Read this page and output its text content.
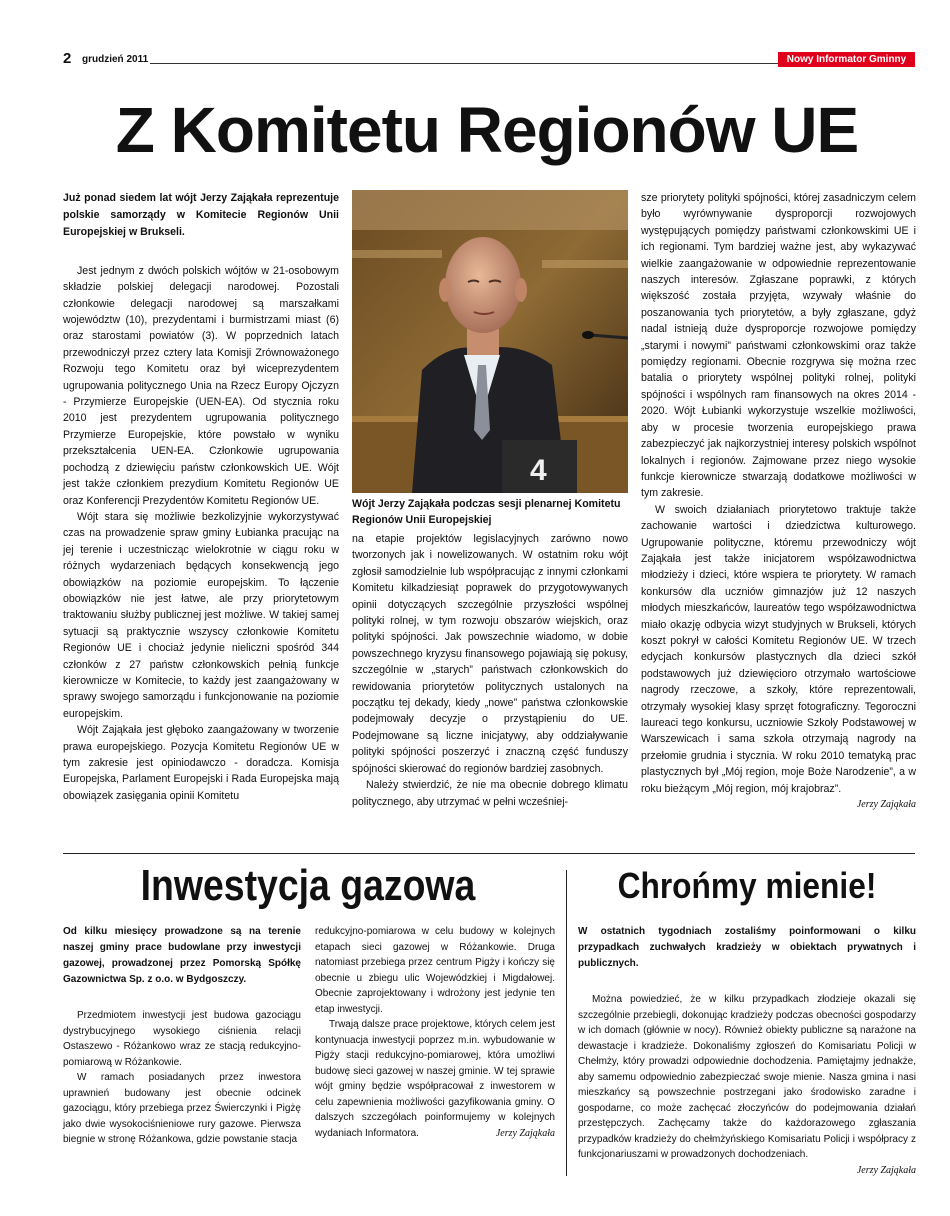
2 grudzień 2011	Nowy Informator Gminny
Z Komitetu Regionów UE

Już ponad siedem lat wójt Jerzy Zająkała reprezentuje polskie samorządy w Komitecie Regionów Unii Europejskiej w Brukseli.

Jest jednym z dwóch polskich wójtów w 21-osobowym składzie polskiej delegacji narodowej. Pozostali członkowie delegacji narodowej są marszałkami województw (10), prezydentami i burmistrzami miast (6) oraz starostami powiatów (3). W poprzednich latach przewodniczył przez cztery lata Komisji Zrównoważonego Rozwoju tego Komitetu oraz był wiceprezydentem ugrupowania politycznego Unia na Rzecz Europy Ojczyzn - Przymierze Europejskie (UEN-EA). Od stycznia roku 2010 jest prezydentem ugrupowania politycznego Przymierze Europejskie, które powstało w wyniku przekształcenia UEN-EA. Członkowie ugrupowania pochodzą z dziewięciu państw członkowskich UE. Wójt jest także członkiem prezydium Komitetu Regionów UE oraz Konferencji Prezydentów Komitetu Regionów UE.

Wójt stara się możliwie bezkolizyjnie wykorzystywać czas na prowadzenie spraw gminy Łubianka pracując na jej terenie i uczestnicząc wielokrotnie w ciągu roku w różnych wydarzeniach będących konsekwencją jego obowiązków na poziomie europejskim. To łączenie obowiązków nie jest łatwe, ale przy priorytetowym traktowaniu służby publicznej jest możliwe. W takiej samej sytuacji są praktycznie wszyscy członkowie Komitetu Regionów UE i chociaż jedynie nieliczni spośród 344 członków z 27 państw członkowskich pełnią funkcje kierownicze w Komitecie, to każdy jest zaangażowany w sprawy swojego samorządu i funkcjonowanie na poziomie europejskim.

Wójt Zająkała jest głęboko zaangażowany w tworzenie prawa europejskiego. Pozycja Komitetu Regionów UE w tym zakresie jest opiniodawczo - doradcza. Komisja Europejska, Parlament Europejski i Rada Europejska mają obowiązek zasięgania opinii Komitetu

4
Wójt Jerzy Zająkała podczas sesji plenarnej Komitetu Regionów Unii Europejskiej

na etapie projektów legislacyjnych zarówno nowo tworzonych jak i nowelizowanych. W ostatnim roku wójt zgłosił samodzielnie lub współpracując z innymi członkami Komitetu kilkadziesiąt poprawek do przygotowywanych opinii dotyczących szczególnie przyszłości wspólnej polityki rolnej, w tym rozwoju obszarów wiejskich, oraz polityki spójności. Jak powszechnie wiadomo, w dobie powszechnego kryzysu finansowego pojawiają się pokusy, szczególnie w „starych” państwach członkowskich do rewidowania priorytetów politycznych ustalonych na początku tej dekady, kiedy „nowe” państwa członkowskie podejmowały decyzje o przystąpieniu do UE. Podejmowane są liczne inicjatywy, aby oddziaływanie polityki spójności poszerzyć i znaczną część funduszy spójności skierować do regionów bardziej zasobnych.

Należy stwierdzić, że nie ma obecnie dobrego klimatu politycznego, aby utrzymać w pełni wcześniej-

sze priorytety polityki spójności, której zasadniczym celem było wyrównywanie dysproporcji rozwojowych występujących pomiędzy państwami członkowskimi UE i ich regionami. Tym bardziej ważne jest, aby wykazywać wielkie zaangażowanie w odpowiednie reprezentowanie naszych interesów. Zgłaszane poprawki, z których większość została przyjęta, wzywały właśnie do poszanowania tych priorytetów, a były zgłaszane, gdyż nadal istnieją duże dysproporcje rozwojowe pomiędzy „starymi i nowymi” państwami członkowskimi oraz także pomiędzy regionami. Obecnie rozgrywa się można rzec batalia o priorytety wspólnej polityki rolnej, polityki spójności i wspólnych ram finansowych na okres 2014 - 2020. Wójt Łubianki wykorzystuje wszelkie możliwości, aby w procesie tworzenia europejskiego prawa zabezpieczyć jak najkorzystniej interesy polskich wspólnot lokalnych i regionów. Zajmowane przez niego wysokie funkcje kierownicze stwarzają dodatkowe możliwości w tym zakresie.

W swoich działaniach priorytetowo traktuje także zachowanie wartości i dziedzictwa kulturowego. Ugrupowanie polityczne, któremu przewodniczy wójt Zająkała jest także inicjatorem współzawodnictwa młodzieży i dzieci, które wspiera te priorytety. W ramach konkursów dla uczniów gimnazjów już 12 naszych młodych mieszkańców, laureatów tego współzawodnictwa miało okazję odbycia wizyt studyjnych w Brukseli, których koszt pokrył w całości Komitetu Regionów UE. W trzech edycjach konkursów plastycznych dla dzieci szkół podstawowych już dziewięcioro otrzymało wartościowe nagrody rzeczowe, a szkoły, które reprezentowali, otrzymały wysokiej klasy sprzęt fotograficzny. Tegoroczni laureaci tego konkursu, uczniowie Szkoły Podstawowej w Warszewicach i sama szkoła otrzymają nagrody na przełomie grudnia i stycznia. W roku 2010 tematyką prac plastycznych był „Mój region, moje Boże Narodzenie”, a w roku bieżącym „Mój region, mój krajobraz”.

Jerzy Zająkała
Inwestycja gazowa

Od kilku miesięcy prowadzone są na terenie naszej gminy prace budowlane przy inwestycji gazowej, prowadzonej przez Pomorską Spółkę Gazownictwa Sp. z o.o. w Bydgoszczy.

Przedmiotem inwestycji jest budowa gazociągu dystrybucyjnego wysokiego ciśnienia relacji Ostaszewo - Różankowo wraz ze stacją redukcyjno-pomiarową w Różankowie.

W ramach posiadanych przez inwestora uprawnień budowany jest obecnie odcinek gazociągu, który przebiega przez Świerczynki i Pigżę jako dwie wysokociśnieniowe rury gazowe. Pierwsza biegnie w stronę Różankowa, gdzie powstanie stacja

redukcyjno-pomiarowa w celu budowy w kolejnych etapach sieci gazowej w Różankowie. Druga natomiast przebiega przez centrum Pigży i kończy się obecnie u zbiegu ulic Wojewódzkiej i Migdałowej. Obecnie zaprojektowany i wdrożony jest jedynie ten etap inwestycji.

Trwają dalsze prace projektowe, których celem jest kontynuacja inwestycji poprzez m.in. wybudowanie w Pigży stacji redukcyjno-pomiarowej, która umożliwi budowę sieci gazowej w naszej gminie. W tej sprawie wójt gminy będzie współpracował z inwestorem w celu zapewnienia możliwości gazyfikowania gminy. O dalszych szczegółach poinformujemy w kolejnych wydaniach Informatora.	Jerzy Zająkała

Chrońmy mienie!

W ostatnich tygodniach zostaliśmy poinformowani o kilku przypadkach zuchwałych kradzieży w obiektach prywatnych i publicznych.

Można powiedzieć, że w kilku przypadkach złodzieje okazali się szczególnie przebiegli, dokonując kradzieży podczas obecności gospodarzy w ich domach (głównie w nocy). Również obiekty publiczne są narażone na dewastacje i kradzieże. Dokonaliśmy zgłoszeń do Komisariatu Policji w Chełmży, który prowadzi odpowiednie dochodzenia. Pamiętajmy jednakże, aby samemu odpowiednio zabezpieczać swoje mienie. Nasza gmina i nasi mieszkańcy są powszechnie postrzegani jako środowisko zaradne i gospodarne, co może zachęcać złoczyńców do podejmowania działań przestępczych. Zachęcamy także do każdorazowego zgłaszania przypadków kradzieży do chełmżyńskiego Komisariatu Policji i współpracy z funkcjonariuszami w prowadzonych dochodzeniach.

Jerzy Zająkała
